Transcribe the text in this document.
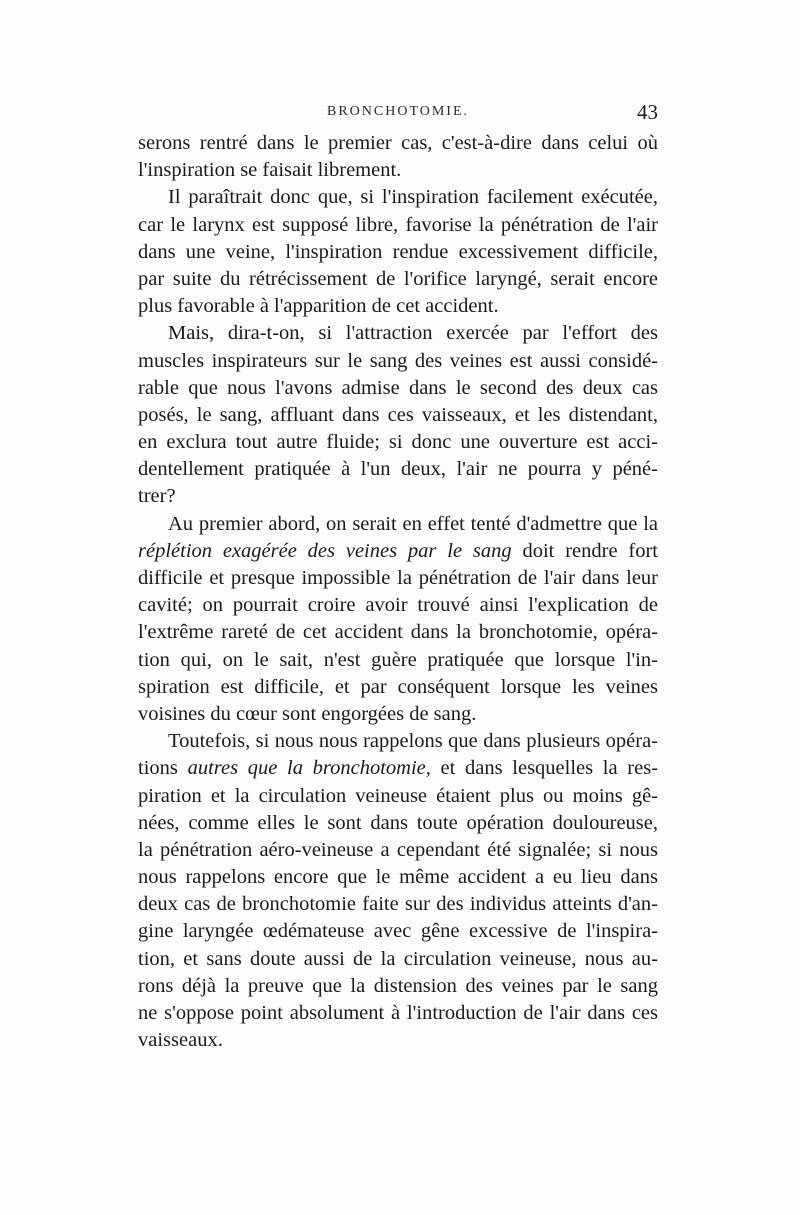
BRONCHOTOMIE.	43
serons rentré dans le premier cas, c'est-à-dire dans celui où
l'inspiration se faisait librement.
Il paraîtrait donc que, si l'inspiration facilement exécutée,
car le larynx est supposé libre, favorise la pénétration de l'air
dans une veine, l'inspiration rendue excessivement difficile,
par suite du rétrécissement de l'orifice laryngé, serait encore
plus favorable à l'apparition de cet accident.
Mais, dira-t-on, si l'attraction exercée par l'effort des
muscles inspirateurs sur le sang des veines est aussi considé-
rable que nous l'avons admise dans le second des deux cas
posés, le sang, affluant dans ces vaisseaux, et les distendant,
en exclura tout autre fluide; si donc une ouverture est acci-
dentellement pratiquée à l'un deux, l'air ne pourra y péné-
trer?
Au premier abord, on serait en effet tenté d'admettre que la
réplétion exagérée des veines par le sang doit rendre fort
difficile et presque impossible la pénétration de l'air dans leur
cavité; on pourrait croire avoir trouvé ainsi l'explication de
l'extrême rareté de cet accident dans la bronchotomie, opéra-
tion qui, on le sait, n'est guère pratiquée que lorsque l'in-
spiration est difficile, et par conséquent lorsque les veines
voisines du cœur sont engorgées de sang.
Toutefois, si nous nous rappelons que dans plusieurs opéra-
tions autres que la bronchotomie, et dans lesquelles la res-
piration et la circulation veineuse étaient plus ou moins gê-
nées, comme elles le sont dans toute opération douloureuse,
la pénétration aéro-veineuse a cependant été signalée; si nous
nous rappelons encore que le même accident a eu lieu dans
deux cas de bronchotomie faite sur des individus atteints d'an-
gine laryngée œdémateuse avec gêne excessive de l'inspira-
tion, et sans doute aussi de la circulation veineuse, nous au-
rons déjà la preuve que la distension des veines par le sang
ne s'oppose point absolument à l'introduction de l'air dans ces
vaisseaux.
